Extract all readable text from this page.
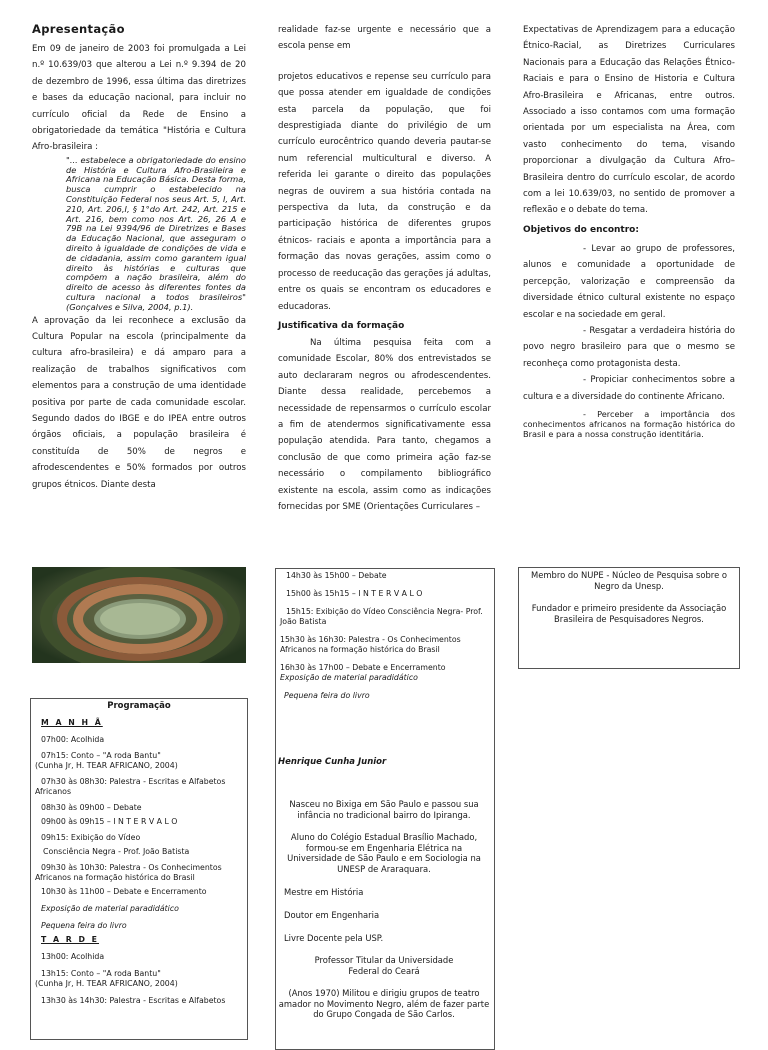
Apresentação

Em 09 de janeiro de 2003 foi promulgada a Lei n.º 10.639/03 que alterou a Lei n.º 9.394 de 20 de dezembro de 1996, essa última das diretrizes e bases da educação nacional, para incluir no currículo oficial da Rede de Ensino a obrigatoriedade da temática "História e Cultura Afro-brasileira :

"... estabelece a obrigatoriedade do ensino de História e Cultura Afro-Brasileira e Africana na Educação Básica. Desta forma, busca cumprir o estabelecido na Constituição Federal nos seus Art. 5, I, Art. 210, Art. 206,I, § 1°do Art. 242, Art. 215 e Art. 216, bem como nos Art. 26, 26 A e 79B na Lei 9394/96 de Diretrizes e Bases da Educação Nacional, que asseguram o direito à igualdade de condições de vida e de cidadania, assim como garantem igual direito às histórias e culturas que compõem a nação brasileira, além do direito de acesso às diferentes fontes da cultura nacional a todos brasileiros" (Gonçalves e Silva, 2004, p.1).

A aprovação da lei reconhece a exclusão da Cultura Popular na escola (principalmente da cultura afro-brasileira) e dá amparo para a realização de trabalhos significativos com elementos para a construção de uma identidade positiva por parte de cada comunidade escolar. Segundo dados do IBGE e do IPEA entre outros órgãos oficiais, a população brasileira é constituída de 50% de negros e afrodescendentes e 50% formados por outros grupos étnicos. Diante desta

realidade faz-se urgente e necessário que a escola pense em

projetos educativos e repense seu currículo para que possa atender em igualdade de condições esta parcela da população, que foi desprestigiada diante do privilégio de um currículo eurocêntrico quando deveria pautar-se num referencial multicultural e diverso. A referida lei garante o direito das populações negras de ouvirem a sua história contada na perspectiva da luta, da construção e da participação histórica de diferentes grupos étnicos- raciais e aponta a importância para a formação das novas gerações, assim como o processo de reeducação das gerações já adultas, entre os quais se encontram os educadores e educadoras.

Justificativa da formação

Na última pesquisa feita com a comunidade Escolar, 80% dos entrevistados se auto declararam negros ou afrodescendentes. Diante dessa realidade, percebemos a necessidade de repensarmos o currículo escolar a fim de atendermos significativamente essa população atendida. Para tanto, chegamos a conclusão de que como primeira ação faz-se necessário o compilamento bibliográfico existente na escola, assim como as indicações fornecidas por SME (Orientações Curriculares –

Expectativas de Aprendizagem para a educação Étnico-Racial, as Diretrizes Curriculares Nacionais para a Educação das Relações Étnico-Raciais e para o Ensino de Historia e Cultura Afro-Brasileira e Africanas, entre outros. Associado a isso contamos com uma formação orientada por um especialista na Área, com vasto conhecimento do tema, visando proporcionar a divulgação da Cultura Afro–Brasileira dentro do currículo escolar, de acordo com a lei 10.639/03, no sentido de promover a reflexão e o debate do tema.

Objetivos do encontro:

- Levar ao grupo de professores, alunos e comunidade a oportunidade de percepção, valorização e compreensão da diversidade étnico cultural existente no espaço escolar e na sociedade em geral.

- Resgatar a verdadeira história do povo negro brasileiro para que o mesmo se reconheça como protagonista desta.

- Propiciar conhecimentos sobre a cultura e a diversidade do continente Africano.

- Perceber a importância dos conhecimentos africanos na formação histórica do Brasil e para a nossa construção identitária.

Programação
M A N H Ã
07h00: Acolhida
07h15: Conto – "A roda Bantu"
(Cunha Jr, H. TEAR AFRICANO, 2004)
07h30 às 08h30: Palestra - Escritas e Alfabetos Africanos
08h30 às 09h00 – Debate
09h00 às 09h15 – I N T E R V A L O
09h15: Exibição do Vídeo
Consciência Negra - Prof. João Batista
09h30 às 10h30: Palestra - Os Conhecimentos Africanos na formação histórica do Brasil
10h30 às 11h00 – Debate e Encerramento
Exposição de material paradidático
Pequena feira do livro
T A R D E
13h00: Acolhida
13h15: Conto – "A roda Bantu"
(Cunha Jr, H. TEAR AFRICANO, 2004)
13h30 às 14h30: Palestra - Escritas e Alfabetos
14h30 às 15h00 – Debate
15h00 às 15h15 – I N T E R V A L O
15h15: Exibição do Vídeo Consciência Negra- Prof. João Batista
15h30 às 16h30: Palestra - Os Conhecimentos Africanos na formação histórica do Brasil
16h30 às 17h00 – Debate e Encerramento
Exposição de material paradidático
Pequena feira do livro
Henrique Cunha Junior
Nasceu no Bixiga em São Paulo e passou sua infância no tradicional bairro do Ipiranga.
Aluno do Colégio Estadual Brasílio Machado, formou-se em Engenharia Elétrica na Universidade de São Paulo e em Sociologia na UNESP de Araraquara.
Mestre em História
Doutor em Engenharia
Livre Docente pela USP.
Professor Titular da Universidade Federal do Ceará
(Anos 1970) Militou e dirigiu grupos de teatro amador no Movimento Negro, além de fazer parte do Grupo Congada de São Carlos.
Membro do NUPE - Núcleo de Pesquisa sobre o Negro da Unesp.
Fundador e primeiro presidente da Associação Brasileira de Pesquisadores Negros.
